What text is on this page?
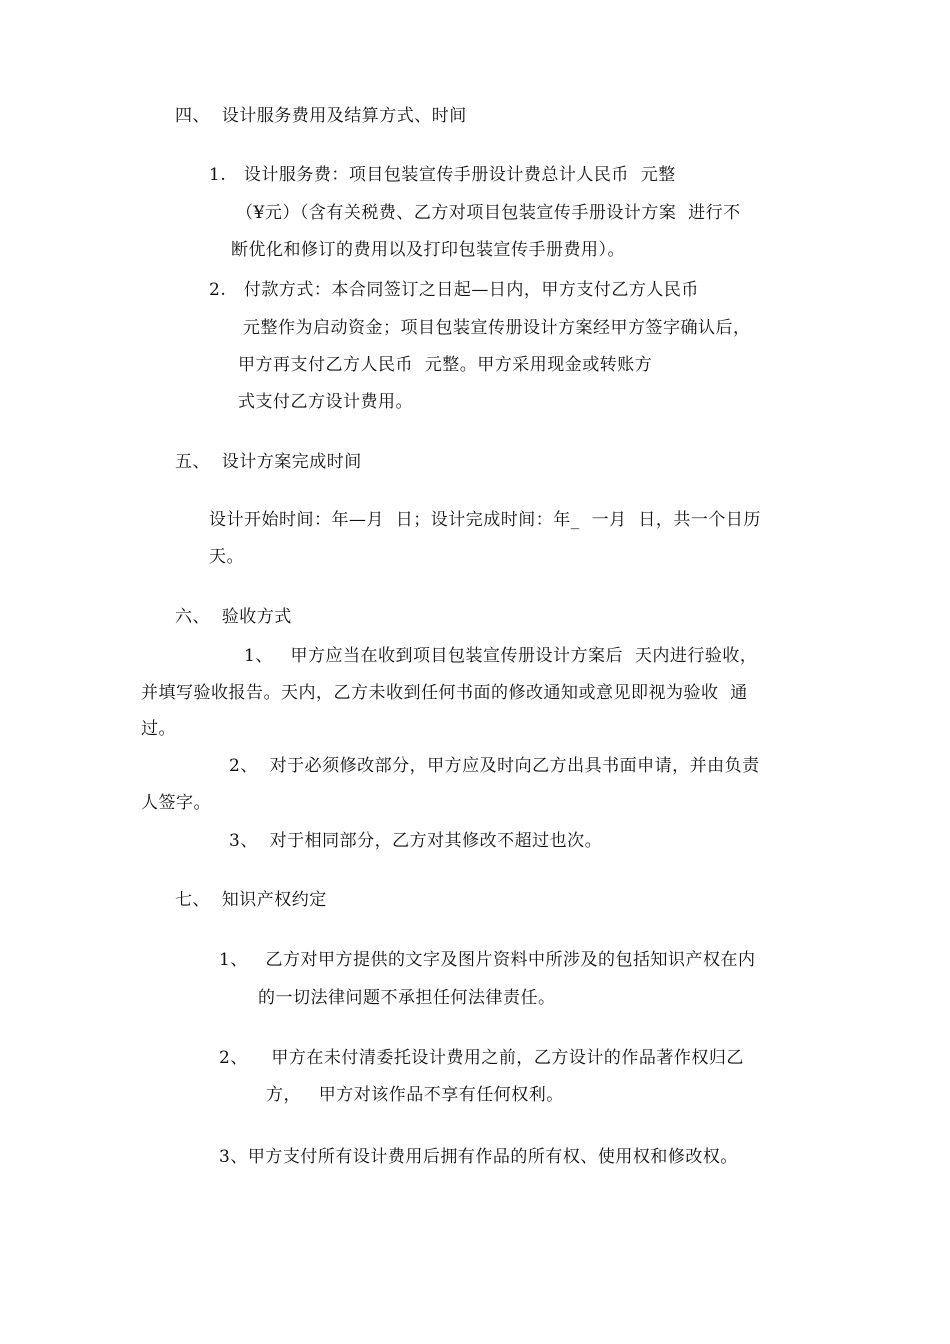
四、  设计服务费用及结算方式、时间
1.   设计服务费：项目包装宣传手册设计费总计人民币  元整
（¥元）（含有关税费、乙方对项目包装宣传手册设计方案  进行不
断优化和修订的费用以及打印包装宣传手册费用）。
2.   付款方式：本合同签订之日起—日内，甲方支付乙方人民币
元整作为启动资金；项目包装宣传册设计方案经甲方签字确认后，
甲方再支付乙方人民币  元整。甲方采用现金或转账方
式支付乙方设计费用。
五、  设计方案完成时间
设计开始时间：年—月  日；设计完成时间：年_  一月  日，共一个日历
天。
六、  验收方式
1、   甲方应当在收到项目包装宣传册设计方案后  天内进行验收，
并填写验收报告。天内，乙方未收到任何书面的修改通知或意见即视为验收  通
过。
2、  对于必须修改部分，甲方应及时向乙方出具书面申请，并由负责
人签字。
3、  对于相同部分，乙方对其修改不超过也次。
七、  知识产权约定
1、   乙方对甲方提供的文字及图片资料中所涉及的包括知识产权在内
的一切法律问题不承担任何法律责任。
2、    甲方在未付清委托设计费用之前，乙方设计的作品著作权归乙
方，   甲方对该作品不享有任何权利。
3、甲方支付所有设计费用后拥有作品的所有权、使用权和修改权。
